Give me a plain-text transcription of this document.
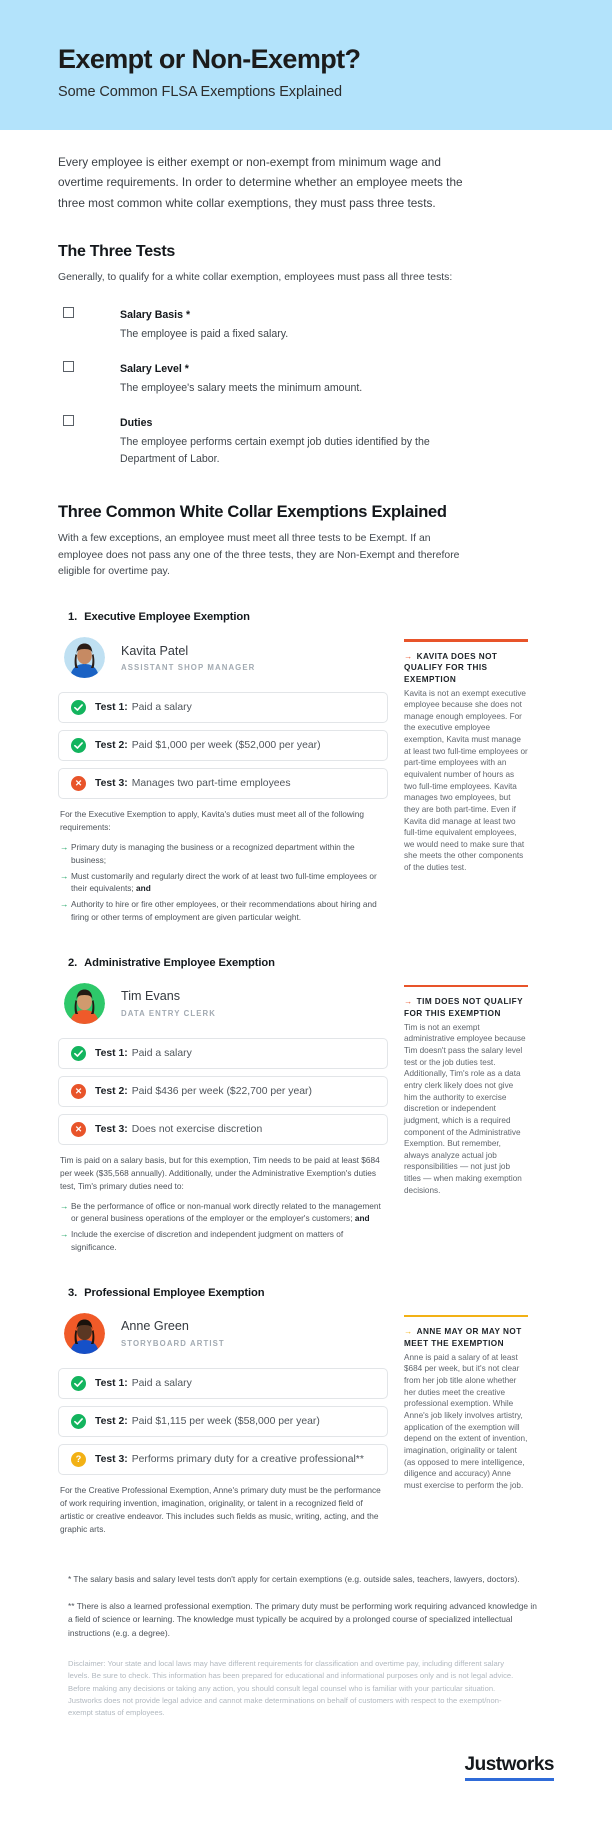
Exempt or Non-Exempt?
Some Common FLSA Exemptions Explained

Every employee is either exempt or non-exempt from minimum wage and overtime requirements. In order to determine whether an employee meets the three most common white collar exemptions, they must pass three tests.

The Three Tests

Generally, to qualify for a white collar exemption, employees must pass all three tests:

Salary Basis *
The employee is paid a fixed salary.
Salary Level *
The employee's salary meets the minimum amount.
Duties
The employee performs certain exempt job duties identified by the Department of Labor.
Three Common White Collar Exemptions Explained

With a few exceptions, an employee must meet all three tests to be Exempt. If an employee does not pass any one of the three tests, they are Non-Exempt and therefore eligible for overtime pay.

1. Executive Employee Exemption
Kavita Patel
ASSISTANT SHOP MANAGER
Test 1: Paid a salary
Test 2: Paid $1,000 per week ($52,000 per year)
✕ Test 3: Manages two part-time employees

For the Executive Exemption to apply, Kavita's duties must meet all of the following requirements:

→ Primary duty is managing the business or a recognized department within the business;
→ Must customarily and regularly direct the work of at least two full-time employees or their equivalents; and
→ Authority to hire or fire other employees, or their recommendations about hiring and firing or other terms of employment are given particular weight.
→ KAVITA DOES NOT QUALIFY FOR THIS EXEMPTION
Kavita is not an exempt executive employee because she does not manage enough employees. For the executive employee exemption, Kavita must manage at least two full-time employees or part-time employees with an equivalent number of hours as two full-time employees. Kavita manages two employees, but they are both part-time. Even if Kavita did manage at least two full-time equivalent employees, we would need to make sure that she meets the other components of the duties test.
2. Administrative Employee Exemption
Tim Evans
DATA ENTRY CLERK
Test 1: Paid a salary
✕ Test 2: Paid $436 per week ($22,700 per year)
✕ Test 3: Does not exercise discretion

Tim is paid on a salary basis, but for this exemption, Tim needs to be paid at least $684 per week ($35,568 annually). Additionally, under the Administrative Exemption's duties test, Tim's primary duties need to:

→ Be the performance of office or non-manual work directly related to the management or general business operations of the employer or the employer's customers; and
→ Include the exercise of discretion and independent judgment on matters of significance.
→ TIM DOES NOT QUALIFY FOR THIS EXEMPTION
Tim is not an exempt administrative employee because Tim doesn't pass the salary level test or the job duties test. Additionally, Tim's role as a data entry clerk likely does not give him the authority to exercise discretion or independent judgment, which is a required component of the Administrative Exemption. But remember, always analyze actual job responsibilities — not just job titles — when making exemption decisions.
3. Professional Employee Exemption
Anne Green
STORYBOARD ARTIST
Test 1: Paid a salary
Test 2: Paid $1,115 per week ($58,000 per year)
? Test 3: Performs primary duty for a creative professional**

For the Creative Professional Exemption, Anne's primary duty must be the performance of work requiring invention, imagination, originality, or talent in a recognized field of artistic or creative endeavor. This includes such fields as music, writing, acting, and the graphic arts.

→ ANNE MAY OR MAY NOT MEET THE EXEMPTION
Anne is paid a salary of at least $684 per week, but it's not clear from her job title alone whether her duties meet the creative professional exemption. While Anne's job likely involves artistry, application of the exemption will depend on the extent of invention, imagination, originality or talent (as opposed to mere intelligence, diligence and accuracy) Anne must exercise to perform the job.

* The salary basis and salary level tests don't apply for certain exemptions (e.g. outside sales, teachers, lawyers, doctors).

** There is also a learned professional exemption. The primary duty must be performing work requiring advanced knowledge in a field of science or learning. The knowledge must typically be acquired by a prolonged course of specialized intellectual instructions (e.g. a degree).

Disclaimer: Your state and local laws may have different requirements for classification and overtime pay, including different salary levels. Be sure to check. This information has been prepared for educational and informational purposes only and is not legal advice. Before making any decisions or taking any action, you should consult legal counsel who is familiar with your particular situation. Justworks does not provide legal advice and cannot make determinations on behalf of customers with respect to the exempt/non-exempt status of employees.

Justworks
